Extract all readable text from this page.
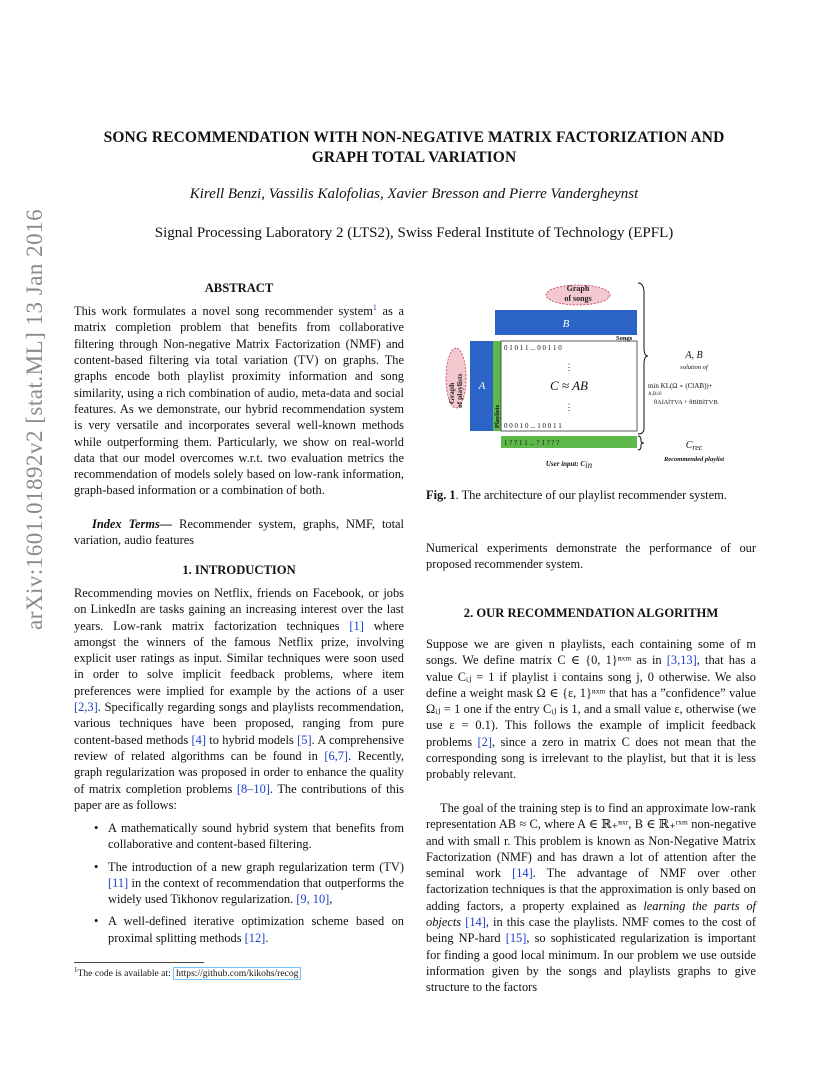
arXiv:1601.01892v2 [stat.ML] 13 Jan 2016
SONG RECOMMENDATION WITH NON-NEGATIVE MATRIX FACTORIZATION AND
GRAPH TOTAL VARIATION
Kirell Benzi, Vassilis Kalofolias, Xavier Bresson and Pierre Vandergheynst
Signal Processing Laboratory 2 (LTS2), Swiss Federal Institute of Technology (EPFL)
ABSTRACT
This work formulates a novel song recommender system$^1$ as a matrix completion problem that benefits from collaborative filtering through Non-negative Matrix Factorization (NMF) and content-based filtering via total variation (TV) on graphs. The graphs encode both playlist proximity information and song similarity, using a rich combination of audio, meta-data and social features. As we demonstrate, our hybrid recommendation system is very versatile and incorporates several well-known methods while outperforming them. Particularly, we show on real-world data that our model overcomes w.r.t. two evaluation metrics the recommendation of models solely based on low-rank information, graph-based information or a combination of both.
Index Terms— Recommender system, graphs, NMF, total variation, audio features
1. INTRODUCTION
Recommending movies on Netflix, friends on Facebook, or jobs on LinkedIn are tasks gaining an increasing interest over the last years. Low-rank matrix factorization techniques [1] where amongst the winners of the famous Netflix prize, involving explicit user ratings as input. Similar techniques were soon used in order to solve implicit feedback problems, where item preferences were implied for example by the actions of a user [2,3]. Specifically regarding songs and playlists recommendation, various techniques have been proposed, ranging from pure content-based methods [4] to hybrid models [5]. A comprehensive review of related algorithms can be found in [6,7]. Recently, graph regularization was proposed in order to enhance the quality of matrix completion problems [8–10]. The contributions of this paper are as follows:
• A mathematically sound hybrid system that benefits from collaborative and content-based filtering.
• The introduction of a new graph regularization term (TV) [11] in the context of recommendation that outperforms the widely used Tikhonov regularization. [9, 10],
• A well-defined iterative optimization scheme based on proximal splitting methods [12].
$^1$The code is available at: https://github.com/kikohs/recog
Graph
of songs
Graph of playlists
B
A
Playlists
Songs
0 1 0 1 1 ... 0 0 1 1 0
⋮
C ≈ AB
⋮
0 0 0 1 0 ... 1 0 0 1 1
1 ? ? 1 1 ... ? 1 ? ? ?
User input: Cin
A, B
solution of
min KL(Ω ∘ (C‖AB))+
A,B≥0
θA‖A‖TVA + θB‖B‖TVB
$C_{rec}$
Recommended playlist
Fig. 1. The architecture of our playlist recommender system.
Numerical experiments demonstrate the performance of our proposed recommender system.
2. OUR RECOMMENDATION ALGORITHM
Suppose we are given n playlists, each containing some of m songs. We define matrix C ∈ {0, 1}ⁿˣᵐ as in [3,13], that has a value Cᵢⱼ = 1 if playlist i contains song j, 0 otherwise. We also define a weight mask Ω ∈ {ε, 1}ⁿˣᵐ that has a ”confidence” value Ωᵢⱼ = 1 one if the entry Cᵢⱼ is 1, and a small value ε, otherwise (we use ε = 0.1). This follows the example of implicit feedback problems [2], since a zero in matrix C does not mean that the corresponding song is irrelevant to the playlist, but that it is less probably relevant.
The goal of the training step is to find an approximate low-rank representation AB ≈ C, where A ∈ ℝ₊ⁿˣʳ, B ∈ ℝ₊ʳˣᵐ non-negative and with small r. This problem is known as Non-Negative Matrix Factorization (NMF) and has drawn a lot of attention after the seminal work [14]. The advantage of NMF over other factorization techniques is that the approximation is only based on adding factors, a property explained as learning the parts of objects [14], in this case the playlists. NMF comes to the cost of being NP-hard [15], so sophisticated regularization is important for finding a good local minimum. In our problem we use outside information given by the songs and playlists graphs to give structure to the factors
